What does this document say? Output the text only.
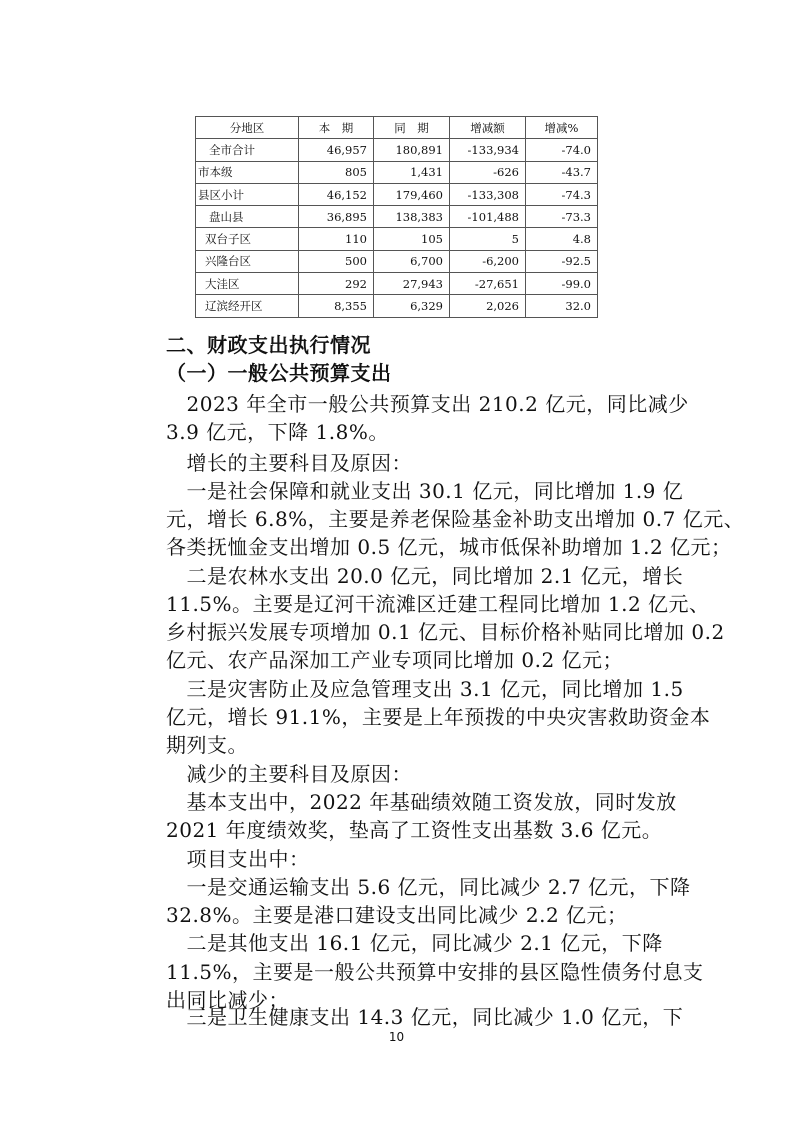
分地区	本　期	同　期	增减额	增减%
全市合计	46,957	180,891	-133,934	-74.0
市本级	805	1,431	-626	-43.7
县区小计	46,152	179,460	-133,308	-74.3
盘山县	36,895	138,383	-101,488	-73.3
双台子区	110	105	5	4.8
兴隆台区	500	6,700	-6,200	-92.5
大洼区	292	27,943	-27,651	-99.0
辽滨经开区	8,355	6,329	2,026	32.0
二、财政支出执行情况
（一）一般公共预算支出
　2023 年全市一般公共预算支出 210.2 亿元，同比减少
3.9 亿元，下降 1.8%。
　增长的主要科目及原因：
　一是社会保障和就业支出 30.1 亿元，同比增加 1.9 亿
元，增长 6.8%，主要是养老保险基金补助支出增加 0.7 亿元、
各类抚恤金支出增加 0.5 亿元，城市低保补助增加 1.2 亿元；
　二是农林水支出 20.0 亿元，同比增加 2.1 亿元，增长
11.5%。主要是辽河干流滩区迁建工程同比增加 1.2 亿元、
乡村振兴发展专项增加 0.1 亿元、目标价格补贴同比增加 0.2
亿元、农产品深加工产业专项同比增加 0.2 亿元；
　三是灾害防止及应急管理支出 3.1 亿元，同比增加 1.5
亿元，增长 91.1%，主要是上年预拨的中央灾害救助资金本
期列支。
　减少的主要科目及原因：
　基本支出中，2022 年基础绩效随工资发放，同时发放
2021 年度绩效奖，垫高了工资性支出基数 3.6 亿元。
　项目支出中：
　一是交通运输支出 5.6 亿元，同比减少 2.7 亿元，下降
32.8%。主要是港口建设支出同比减少 2.2 亿元；
　二是其他支出 16.1 亿元，同比减少 2.1 亿元，下降
11.5%，主要是一般公共预算中安排的县区隐性债务付息支
出同比减少；
10
　三是卫生健康支出 14.3 亿元，同比减少 1.0 亿元，下
